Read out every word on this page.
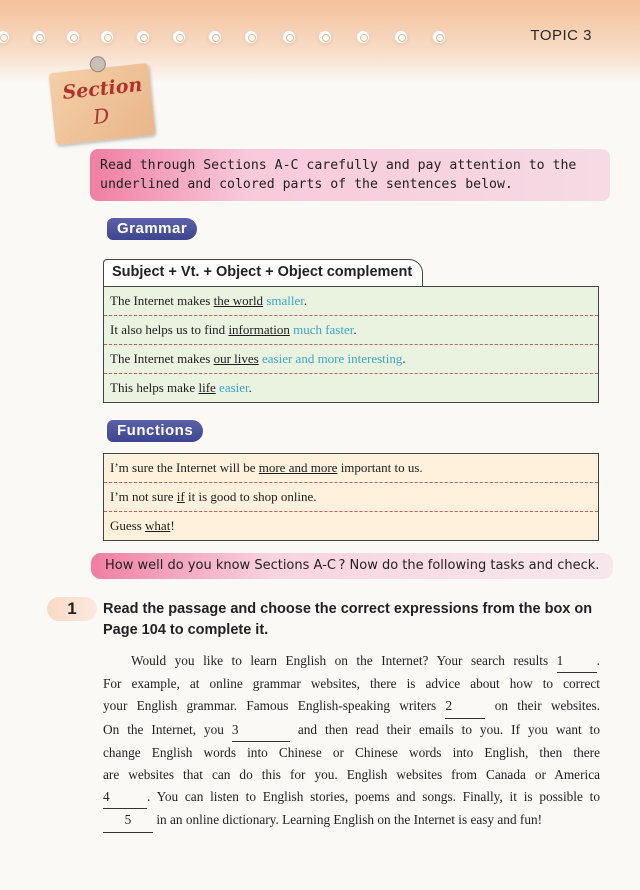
TOPIC 3
Section
D
Read through Sections A-C carefully and pay attention to the underlined and colored parts of the sentences below.
Grammar
Subject + Vt. + Object + Object complement
The Internet makes the world smaller.
It also helps us to find information much faster.
The Internet makes our lives easier and more interesting.
This helps make life easier.
Functions
I’m sure the Internet will be more and more important to us.
I’m not sure if it is good to shop online.
Guess what!
How well do you know Sections A-C ? Now do the following tasks and check.
1	Read the passage and choose the correct expressions from the box on Page 104 to complete it.
Would you like to learn English on the Internet? Your search results 1	.
For example, at online grammar websites, there is advice about how to correct
your English grammar. Famous English-speaking writers 2	on their websites.
On the Internet, you 3	and then read their emails to you. If you want to
change English words into Chinese or Chinese words into English, then there
are websites that can do this for you. English websites from Canada or America
4	. You can listen to English stories, poems and songs. Finally, it is possible to
5 in an online dictionary. Learning English on the Internet is easy and fun!
